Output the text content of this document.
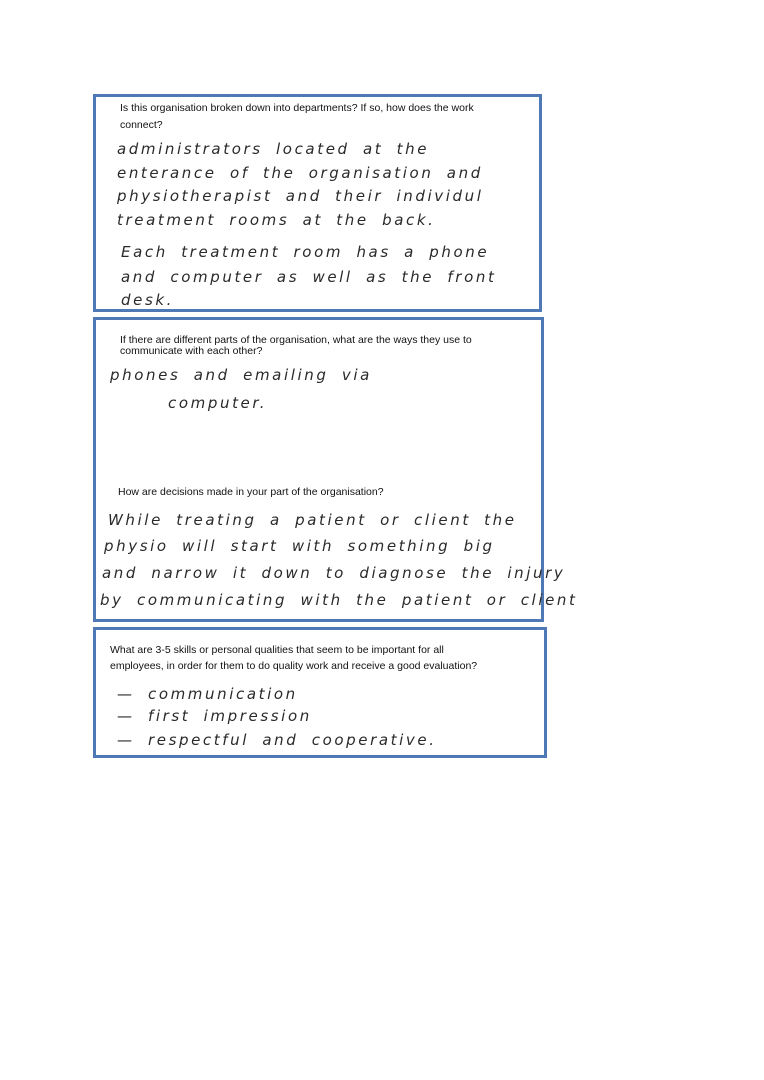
Is this organisation broken down into departments? If so, how does the work
connect?
administrators located at the
enterance of the organisation and
physiotherapist and their individul
treatment rooms at the back.
Each treatment room has a phone
and computer as well as the front
desk.
If there are different parts of the organisation, what are the ways they use to
communicate with each other?
phones and emailing via
computer.
How are decisions made in your part of the organisation?
While treating a patient or client the
physio will start with something big
and narrow it down to diagnose the injury
by communicating with the patient or client
What are 3-5 skills or personal qualities that seem to be important for all
employees, in order for them to do quality work and receive a good evaluation?
— communication
— first impression
— respectful and cooperative.
